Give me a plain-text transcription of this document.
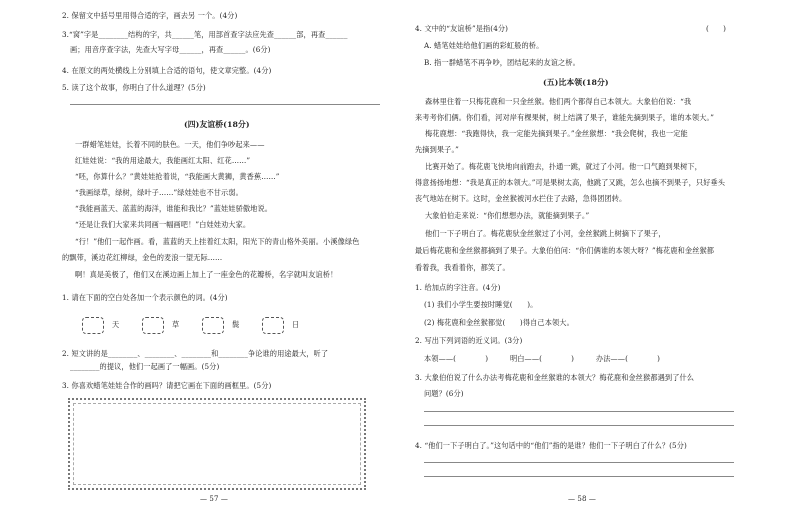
2. 保留文中括号里用得合适的字，画去另 一个。(4分)
3.“窝”字是________结构的字，共______笔，用部首查字法应先查______部，再查______
画；用音序查字法，先查大写字母______，再查______。(6分)
4. 在原文的两处横线上分别填上合适的语句，使文章完整。(4分)
5. 读了这个故事，你明白了什么道理？(5分)
(四)友谊桥(18分)
一群蜡笔娃娃，长着不同的肤色。一天，他们争吵起来——
红娃娃说：“我的用途最大，我能画红太阳、红花……”
“呸，你算什么？”黄娃娃抢着说，“我能画大黄狮，黄香蕉……”
“我画绿草，绿树，绿叶子……”绿娃娃也不甘示弱。
“我能画蓝天、蓝蓝的海洋，谁能和我比？”蓝娃娃骄傲地说。
“还是让我们大家来共同画一幅画吧！”白娃娃劝大家。
“行！”他们一起作画。看，蓝蓝的天上挂着红太阳，阳光下的青山格外美丽。小溪像绿色
的飘带，溪边花红柳绿，金色的麦浪一望无际……
啊！真是美极了，他们又在溪边画上加上了一座金色的花瓣桥，名字就叫友谊桥！
1. 请在下面的空白处各加一个表示颜色的词。(4分)
天	草	鬓	日
2. 短文讲的是________、________、________和________争论谁的用途最大，听了
________的提议，他们一起画了一幅画。(5分)
3. 你喜欢蜡笔娃娃合作的画吗？请把它画在下面的画框里。(5分)
— 57 —
4. 文中的“友谊桥”是指(4分)	(　　)
A. 蜡笔娃娃给他们画的彩虹般的桥。
B. 指一群蜡笔不再争吵，团结起来的友谊之桥。
(五)比本领(18分)
森林里住着一只梅花鹿和一只金丝猴。他们两个都得自己本领大。大象伯伯说：“我
来考考你们俩。你们看，河对岸有棵果树，树上结满了果子，谁能先摘到果子，谁的本领大。”
梅花鹿想：“我跑得快，我一定能先摘到果子。”金丝猴想：“我会爬树，我也一定能
先摘到果子。”
比赛开始了。梅花鹿飞快地向前跑去，扑通一跳，就过了小河。他一口气跑到果树下，
得意扬扬地想：“我是真正的本领大。”可是果树太高，他跳了又跳，怎么也摘不到果子，只好垂头
丧气地站在树下。这时，金丝猴被河水拦住了去路，急得团团转。
大象伯伯走来说：“你们想想办法，就能摘到果子。”
他们一下子明白了。梅花鹿驮金丝猴过了小河，金丝猴跳上树摘下了果子，
最后梅花鹿和金丝猴都摘到了果子。大象伯伯问：“你们俩谁的本领大呀？”梅花鹿和金丝猴都
看着我，我看着你，都笑了。
1. 给加点的字注音。(4分)
(1) 我们小学生要按时睡觉(　　)。
(2) 梅花鹿和金丝猴都觉(　　)得自己本领大。
2. 写出下列词语的近义词。(3分)
本领——(　　　　)　　　明白——(　　　　)　　　办法——(　　　　)
3. 大象伯伯说了什么办法考梅花鹿和金丝猴谁的本领大？梅花鹿和金丝猴都遇到了什么
问题？(6分)
4. “他们一下子明白了。”这句话中的“他们”指的是谁？他们一下子明白了什么？(5分)
— 58 —
